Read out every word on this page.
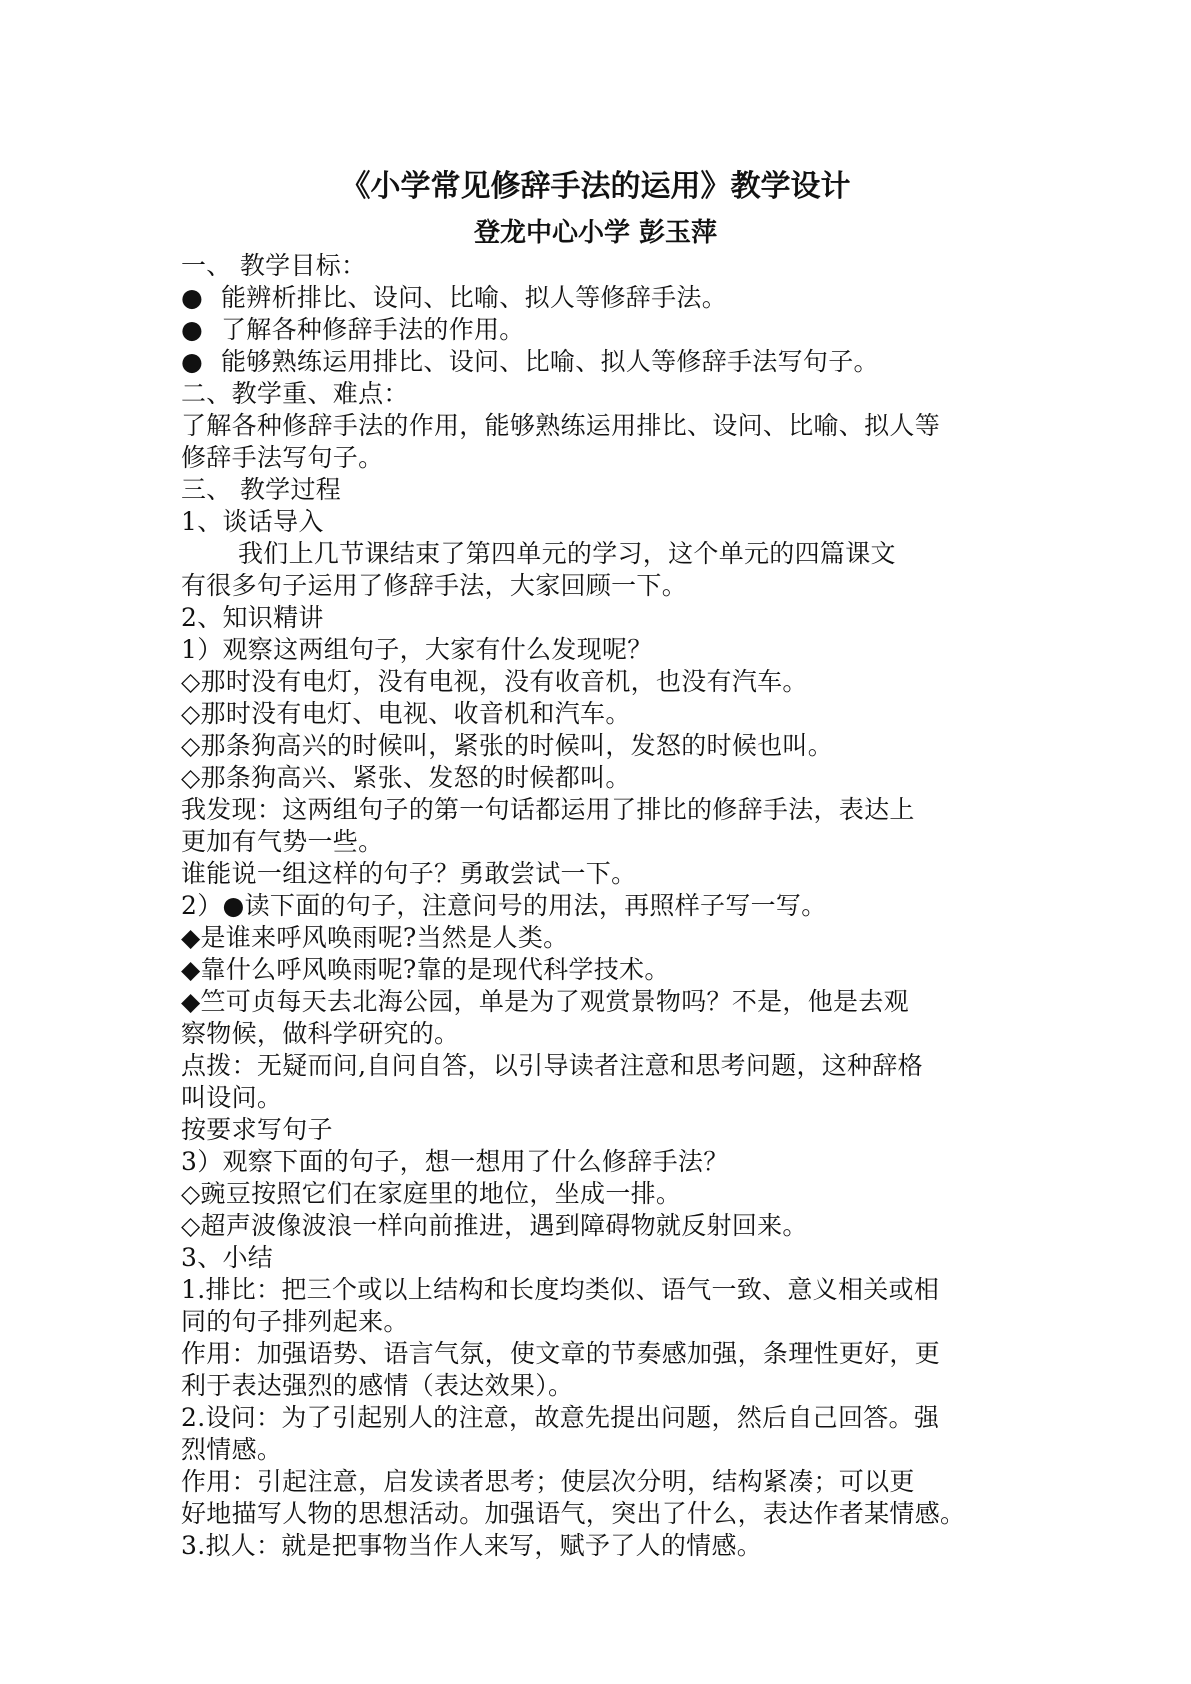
《小学常见修辞手法的运用》教学设计
登龙中心小学 彭玉萍
一、 教学目标：
● 能辨析排比、设问、比喻、拟人等修辞手法。
● 了解各种修辞手法的作用。
● 能够熟练运用排比、设问、比喻、拟人等修辞手法写句子。
二、教学重、难点：
了解各种修辞手法的作用，能够熟练运用排比、设问、比喻、拟人等
修辞手法写句子。
三、 教学过程
1、谈话导入
我们上几节课结束了第四单元的学习，这个单元的四篇课文
有很多句子运用了修辞手法，大家回顾一下。
2、知识精讲
1）观察这两组句子，大家有什么发现呢？
◇那时没有电灯，没有电视，没有收音机，也没有汽车。
◇那时没有电灯、电视、收音机和汽车。
◇那条狗高兴的时候叫，紧张的时候叫，发怒的时候也叫。
◇那条狗高兴、紧张、发怒的时候都叫。
我发现：这两组句子的第一句话都运用了排比的修辞手法，表达上
更加有气势一些。
谁能说一组这样的句子？勇敢尝试一下。
2）●读下面的句子，注意问号的用法，再照样子写一写。
◆是谁来呼风唤雨呢?当然是人类。
◆靠什么呼风唤雨呢?靠的是现代科学技术。
◆竺可贞每天去北海公园，单是为了观赏景物吗？不是，他是去观
察物候，做科学研究的。
点拨：无疑而问,自问自答，以引导读者注意和思考问题，这种辞格
叫设问。
按要求写句子
3）观察下面的句子，想一想用了什么修辞手法？
◇豌豆按照它们在家庭里的地位，坐成一排。
◇超声波像波浪一样向前推进，遇到障碍物就反射回来。
3、小结
1.排比：把三个或以上结构和长度均类似、语气一致、意义相关或相
同的句子排列起来。
作用：加强语势、语言气氛，使文章的节奏感加强，条理性更好，更
利于表达强烈的感情（表达效果）。
2.设问：为了引起别人的注意，故意先提出问题，然后自己回答。强
烈情感。
作用：引起注意，启发读者思考；使层次分明，结构紧凑；可以更
好地描写人物的思想活动。加强语气，突出了什么，表达作者某情感。
3.拟人：就是把事物当作人来写，赋予了人的情感。
